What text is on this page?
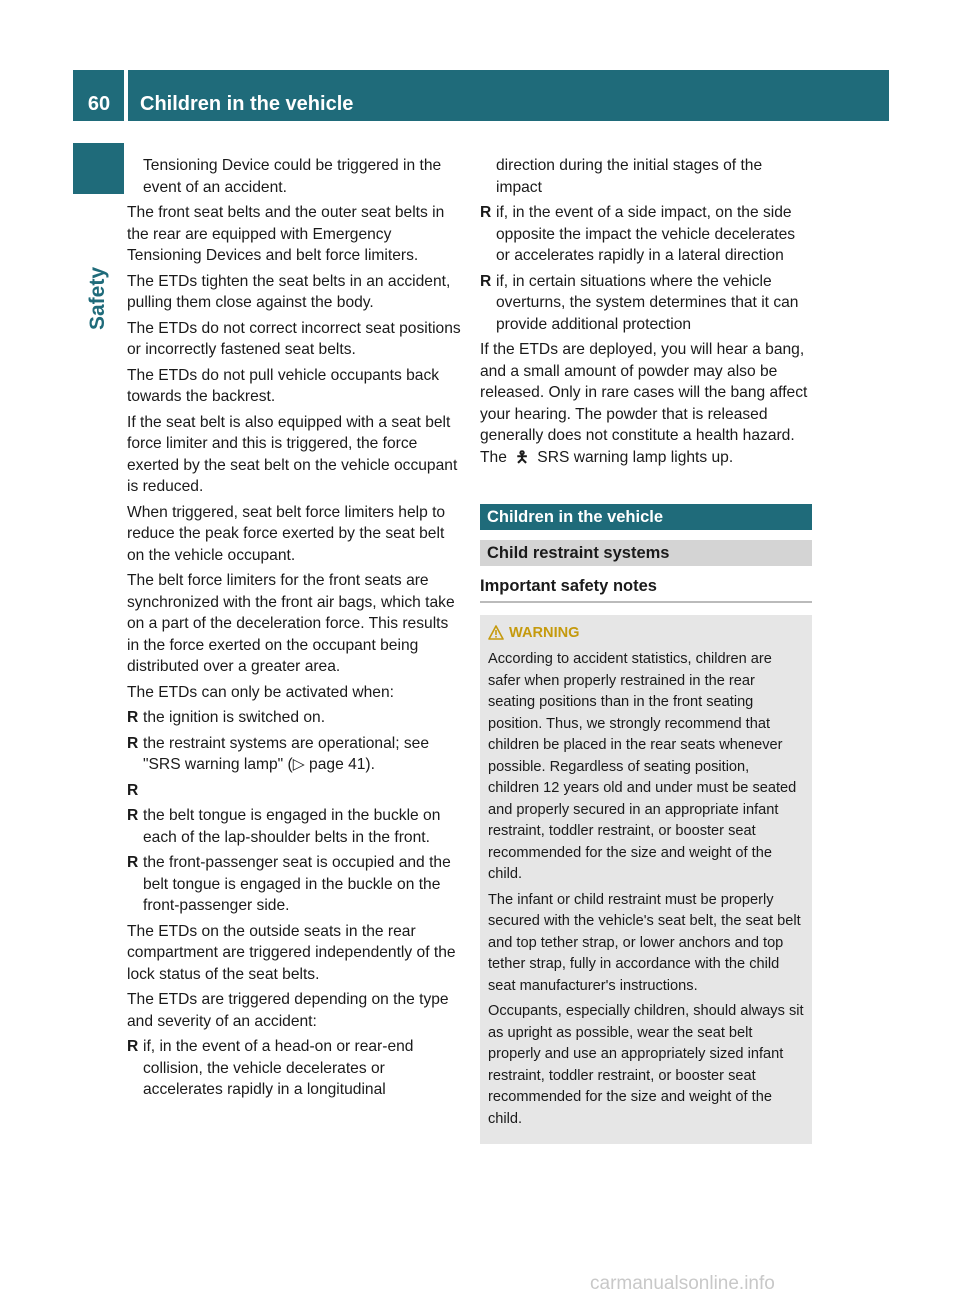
60	Children in the vehicle
Safety

Tensioning Device could be triggered in the event of an accident.

The front seat belts and the outer seat belts in the rear are equipped with Emergency Tensioning Devices and belt force limiters.

The ETDs tighten the seat belts in an accident, pulling them close against the body.

The ETDs do not correct incorrect seat positions or incorrectly fastened seat belts.

The ETDs do not pull vehicle occupants back towards the backrest.

If the seat belt is also equipped with a seat belt force limiter and this is triggered, the force exerted by the seat belt on the vehicle occupant is reduced.

When triggered, seat belt force limiters help to reduce the peak force exerted by the seat belt on the vehicle occupant.

The belt force limiters for the front seats are synchronized with the front air bags, which take on a part of the deceleration force. This results in the force exerted on the occupant being distributed over a greater area.

The ETDs can only be activated when:

R the ignition is switched on.
R the restraint systems are operational; see "SRS warning lamp" (▷ page 41).
R

R the belt tongue is engaged in the buckle on each of the lap-shoulder belts in the front.
R the front-passenger seat is occupied and the belt tongue is engaged in the buckle on the front-passenger side.

The ETDs on the outside seats in the rear compartment are triggered independently of the lock status of the seat belts.

The ETDs are triggered depending on the type and severity of an accident:

R if, in the event of a head-on or rear-end collision, the vehicle decelerates or accelerates rapidly in a longitudinal

direction during the initial stages of the impact

R if, in the event of a side impact, on the side opposite the impact the vehicle decelerates or accelerates rapidly in a lateral direction
R if, in certain situations where the vehicle overturns, the system determines that it can provide additional protection

If the ETDs are deployed, you will hear a bang, and a small amount of powder may also be released. Only in rare cases will the bang affect your hearing. The powder that is released generally does not constitute a health hazard. The 🯅 SRS warning lamp lights up.

Children in the vehicle
Child restraint systems
Important safety notes
WARNING

According to accident statistics, children are safer when properly restrained in the rear seating positions than in the front seating position. Thus, we strongly recommend that children be placed in the rear seats whenever possible. Regardless of seating position, children 12 years old and under must be seated and properly secured in an appropriate infant restraint, toddler restraint, or booster seat recommended for the size and weight of the child.

The infant or child restraint must be properly secured with the vehicle's seat belt, the seat belt and top tether strap, or lower anchors and top tether strap, fully in accordance with the child seat manufacturer's instructions.

Occupants, especially children, should always sit as upright as possible, wear the seat belt properly and use an appropriately sized infant restraint, toddler restraint, or booster seat recommended for the size and weight of the child.

carmanualsonline.info
